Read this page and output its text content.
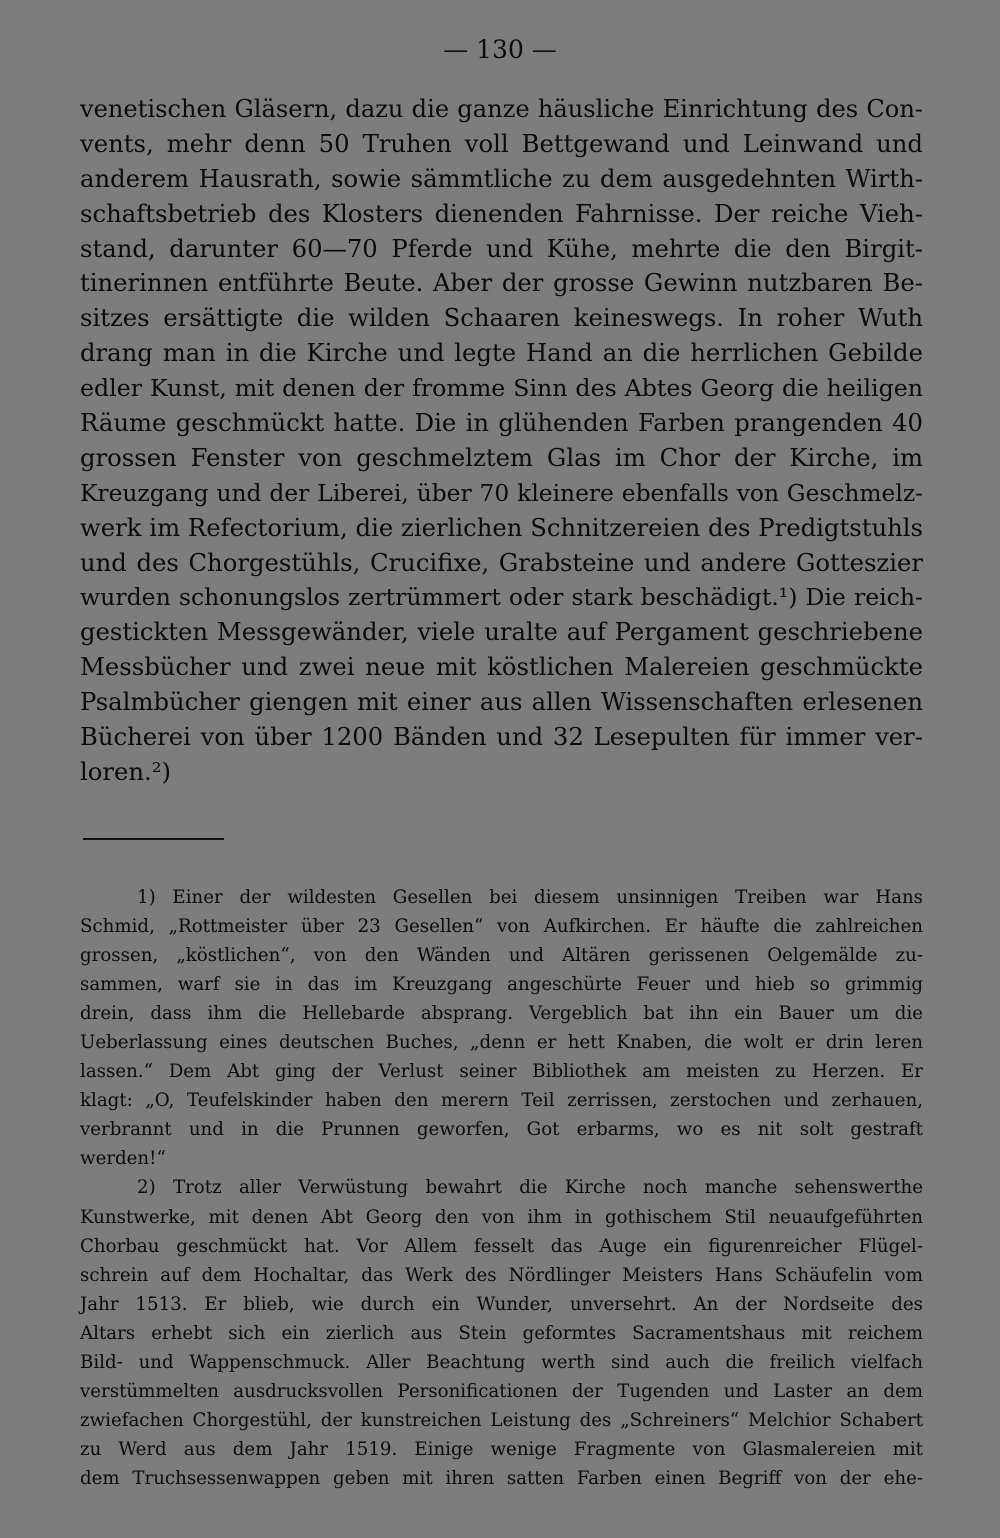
— 130 —
venetischen Gläsern, dazu die ganze häusliche Einrichtung des Con-
vents, mehr denn 50 Truhen voll Bettgewand und Leinwand und
anderem Hausrath, sowie sämmtliche zu dem ausgedehnten Wirth-
schaftsbetrieb des Klosters dienenden Fahrnisse. Der reiche Vieh-
stand, darunter 60—70 Pferde und Kühe, mehrte die den Birgit-
tinerinnen entführte Beute. Aber der grosse Gewinn nutzbaren Be-
sitzes ersättigte die wilden Schaaren keineswegs. In roher Wuth
drang man in die Kirche und legte Hand an die herrlichen Gebilde
edler Kunst, mit denen der fromme Sinn des Abtes Georg die heiligen
Räume geschmückt hatte. Die in glühenden Farben prangenden 40
grossen Fenster von geschmelztem Glas im Chor der Kirche, im
Kreuzgang und der Liberei, über 70 kleinere ebenfalls von Geschmelz-
werk im Refectorium, die zierlichen Schnitzereien des Predigtstuhls
und des Chorgestühls, Crucifixe, Grabsteine und andere Gotteszier
wurden schonungslos zertrümmert oder stark beschädigt.¹) Die reich-
gestickten Messgewänder, viele uralte auf Pergament geschriebene
Messbücher und zwei neue mit köstlichen Malereien geschmückte
Psalmbücher giengen mit einer aus allen Wissenschaften erlesenen
Bücherei von über 1200 Bänden und 32 Lesepulten für immer ver-
loren.²)
1) Einer der wildesten Gesellen bei diesem unsinnigen Treiben war Hans
Schmid, „Rottmeister über 23 Gesellen“ von Aufkirchen. Er häufte die zahlreichen
grossen, „köstlichen“, von den Wänden und Altären gerissenen Oelgemälde zu-
sammen, warf sie in das im Kreuzgang angeschürte Feuer und hieb so grimmig
drein, dass ihm die Hellebarde absprang. Vergeblich bat ihn ein Bauer um die
Ueberlassung eines deutschen Buches, „denn er hett Knaben, die wolt er drin leren
lassen.“ Dem Abt ging der Verlust seiner Bibliothek am meisten zu Herzen. Er
klagt: „O, Teufelskinder haben den merern Teil zerrissen, zerstochen und zerhauen,
verbrannt und in die Prunnen geworfen, Got erbarms, wo es nit solt gestraft
werden!“
2) Trotz aller Verwüstung bewahrt die Kirche noch manche sehenswerthe
Kunstwerke, mit denen Abt Georg den von ihm in gothischem Stil neuaufgeführten
Chorbau geschmückt hat. Vor Allem fesselt das Auge ein figurenreicher Flügel-
schrein auf dem Hochaltar, das Werk des Nördlinger Meisters Hans Schäufelin vom
Jahr 1513. Er blieb, wie durch ein Wunder, unversehrt. An der Nordseite des
Altars erhebt sich ein zierlich aus Stein geformtes Sacramentshaus mit reichem
Bild- und Wappenschmuck. Aller Beachtung werth sind auch die freilich vielfach
verstümmelten ausdrucksvollen Personificationen der Tugenden und Laster an dem
zwiefachen Chorgestühl, der kunstreichen Leistung des „Schreiners“ Melchior Schabert
zu Werd aus dem Jahr 1519. Einige wenige Fragmente von Glasmalereien mit
dem Truchsessenwappen geben mit ihren satten Farben einen Begriff von der ehe-
